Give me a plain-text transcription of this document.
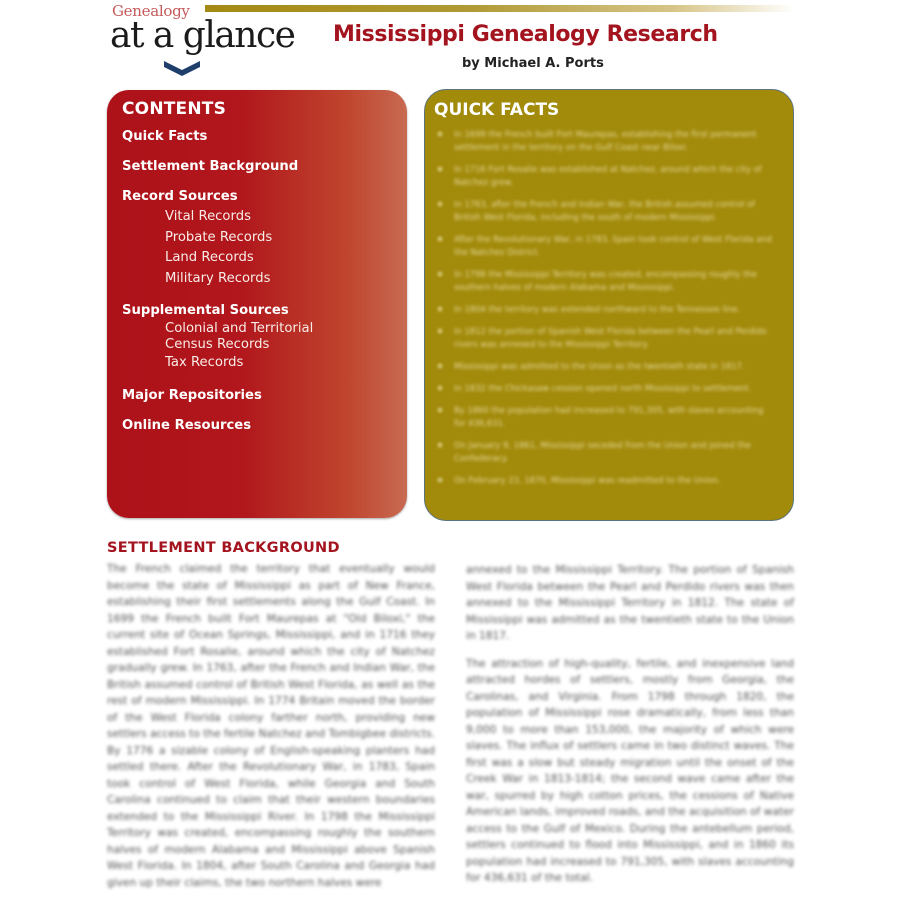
Genealogy
at a glance Mississippi Genealogy Research
by Michael A. Ports
CONTENTS
Quick Facts
Settlement Background
Record Sources
Vital Records
Probate Records
Land Records
Military Records
Supplemental Sources
Colonial and Territorial
Census Records
Tax Records
Major Repositories
Online Resources
QUICK FACTS
In 1699 the French built Fort Maurepas, establishing the first permanent settlement in the territory on the Gulf Coast near Biloxi.
In 1716 Fort Rosalie was established at Natchez, around which the city of Natchez grew.
In 1763, after the French and Indian War, the British assumed control of British West Florida, including the south of modern Mississippi.
After the Revolutionary War, in 1783, Spain took control of West Florida and the Natchez District.
In 1798 the Mississippi Territory was created, encompassing roughly the southern halves of modern Alabama and Mississippi.
In 1804 the territory was extended northward to the Tennessee line.
In 1812 the portion of Spanish West Florida between the Pearl and Perdido rivers was annexed to the Mississippi Territory.
Mississippi was admitted to the Union as the twentieth state in 1817.
In 1832 the Chickasaw cession opened north Mississippi to settlement.
By 1860 the population had increased to 791,305, with slaves accounting for 436,631.
On January 9, 1861, Mississippi seceded from the Union and joined the Confederacy.
On February 23, 1870, Mississippi was readmitted to the Union.
SETTLEMENT BACKGROUND

The French claimed the territory that eventually would become the state of Mississippi as part of New France, establishing their first settlements along the Gulf Coast. In 1699 the French built Fort Maurepas at "Old Biloxi," the current site of Ocean Springs, Mississippi, and in 1716 they established Fort Rosalie, around which the city of Natchez gradually grew. In 1763, after the French and Indian War, the British assumed control of British West Florida, as well as the rest of modern Mississippi. In 1774 Britain moved the border of the West Florida colony farther north, providing new settlers access to the fertile Natchez and Tombigbee districts. By 1776 a sizable colony of English-speaking planters had settled there. After the Revolutionary War, in 1783, Spain took control of West Florida, while Georgia and South Carolina continued to claim that their western boundaries extended to the Mississippi River. In 1798 the Mississippi Territory was created, encompassing roughly the southern halves of modern Alabama and Mississippi above Spanish West Florida. In 1804, after South Carolina and Georgia had given up their claims, the two northern halves were

annexed to the Mississippi Territory. The portion of Spanish West Florida between the Pearl and Perdido rivers was then annexed to the Mississippi Territory in 1812. The state of Mississippi was admitted as the twentieth state to the Union in 1817.

The attraction of high-quality, fertile, and inexpensive land attracted hordes of settlers, mostly from Georgia, the Carolinas, and Virginia. From 1798 through 1820, the population of Mississippi rose dramatically, from less than 9,000 to more than 153,000, the majority of which were slaves. The influx of settlers came in two distinct waves. The first was a slow but steady migration until the onset of the Creek War in 1813-1814; the second wave came after the war, spurred by high cotton prices, the cessions of Native American lands, improved roads, and the acquisition of water access to the Gulf of Mexico. During the antebellum period, settlers continued to flood into Mississippi, and in 1860 its population had increased to 791,305, with slaves accounting for 436,631 of the total.
